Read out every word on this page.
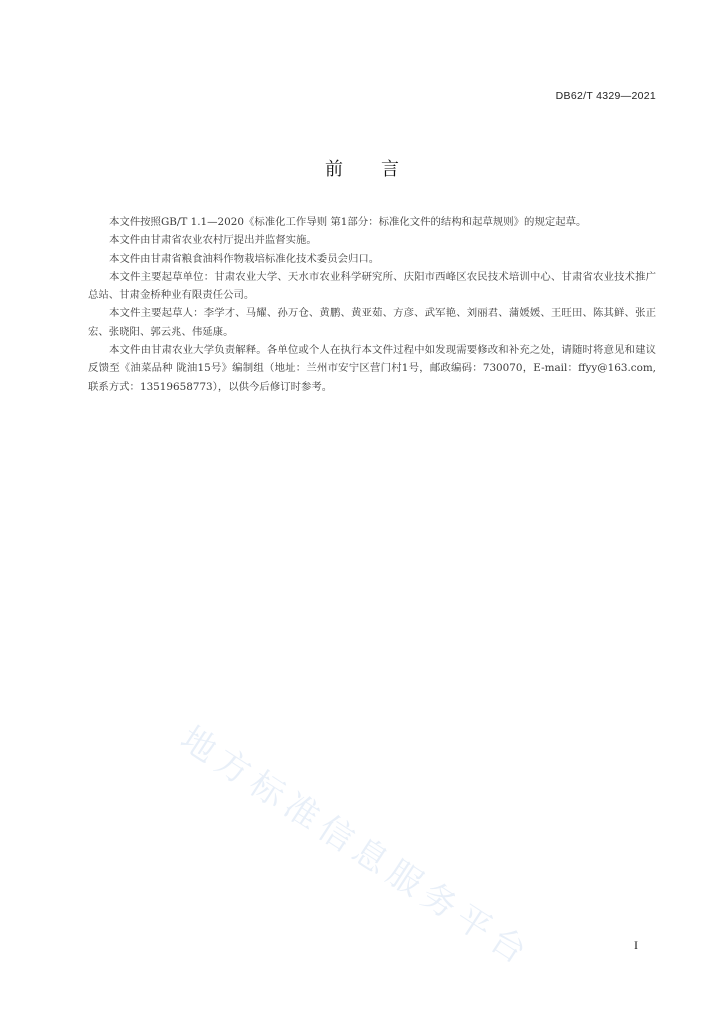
DB62/T 4329—2021
前 言

本文件按照GB/T 1.1—2020《标准化工作导则 第1部分：标准化文件的结构和起草规则》的规定起草。

本文件由甘肃省农业农村厅提出并监督实施。

本文件由甘肃省粮食油料作物栽培标准化技术委员会归口。

本文件主要起草单位：甘肃农业大学、天水市农业科学研究所、庆阳市西峰区农民技术培训中心、甘肃省农业技术推广总站、甘肃金桥种业有限责任公司。

本文件主要起草人：李学才、马耀、孙万仓、黄鹏、黄亚茹、方彦、武军艳、刘丽君、蒲媛媛、王旺田、陈其鲜、张正宏、张晓阳、郭云兆、伟延康。

本文件由甘肃农业大学负责解释。各单位或个人在执行本文件过程中如发现需要修改和补充之处，请随时将意见和建议反馈至《油菜品种 陇油15号》编制组（地址：兰州市安宁区营门村1号，邮政编码：730070，E-mail：ffyy@163.com,联系方式：13519658773），以供今后修订时参考。

地方标准信息服务平台	I
